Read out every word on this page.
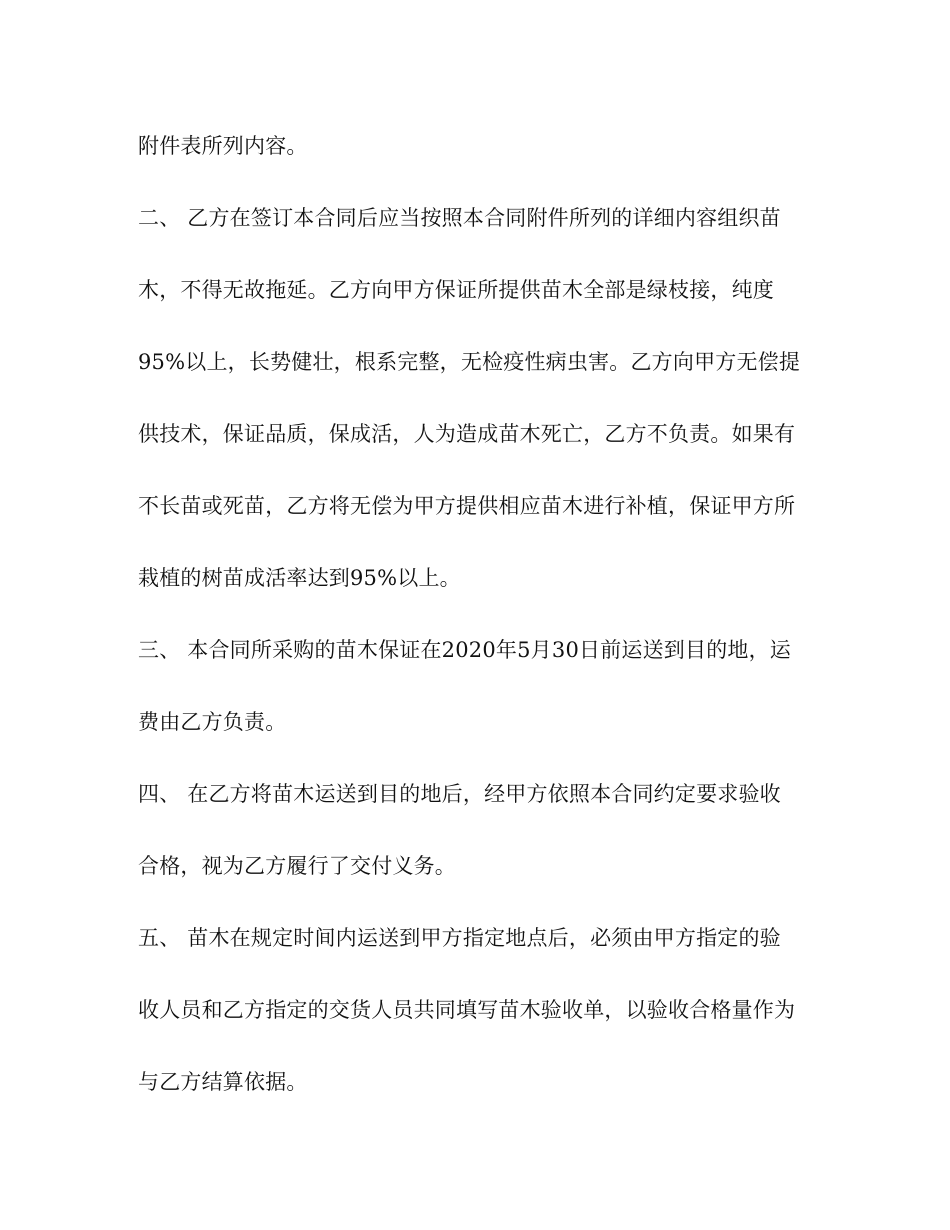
附件表所列内容。
二、 乙方在签订本合同后应当按照本合同附件所列的详细内容组织苗
木，不得无故拖延。乙方向甲方保证所提供苗木全部是绿枝接，纯度
95%以上，长势健壮，根系完整，无检疫性病虫害。乙方向甲方无偿提
供技术，保证品质，保成活，人为造成苗木死亡，乙方不负责。如果有
不长苗或死苗，乙方将无偿为甲方提供相应苗木进行补植，保证甲方所
栽植的树苗成活率达到95%以上。
三、 本合同所采购的苗木保证在2020年5月30日前运送到目的地，运
费由乙方负责。
四、 在乙方将苗木运送到目的地后，经甲方依照本合同约定要求验收
合格，视为乙方履行了交付义务。
五、 苗木在规定时间内运送到甲方指定地点后，必须由甲方指定的验
收人员和乙方指定的交货人员共同填写苗木验收单，以验收合格量作为
与乙方结算依据。
